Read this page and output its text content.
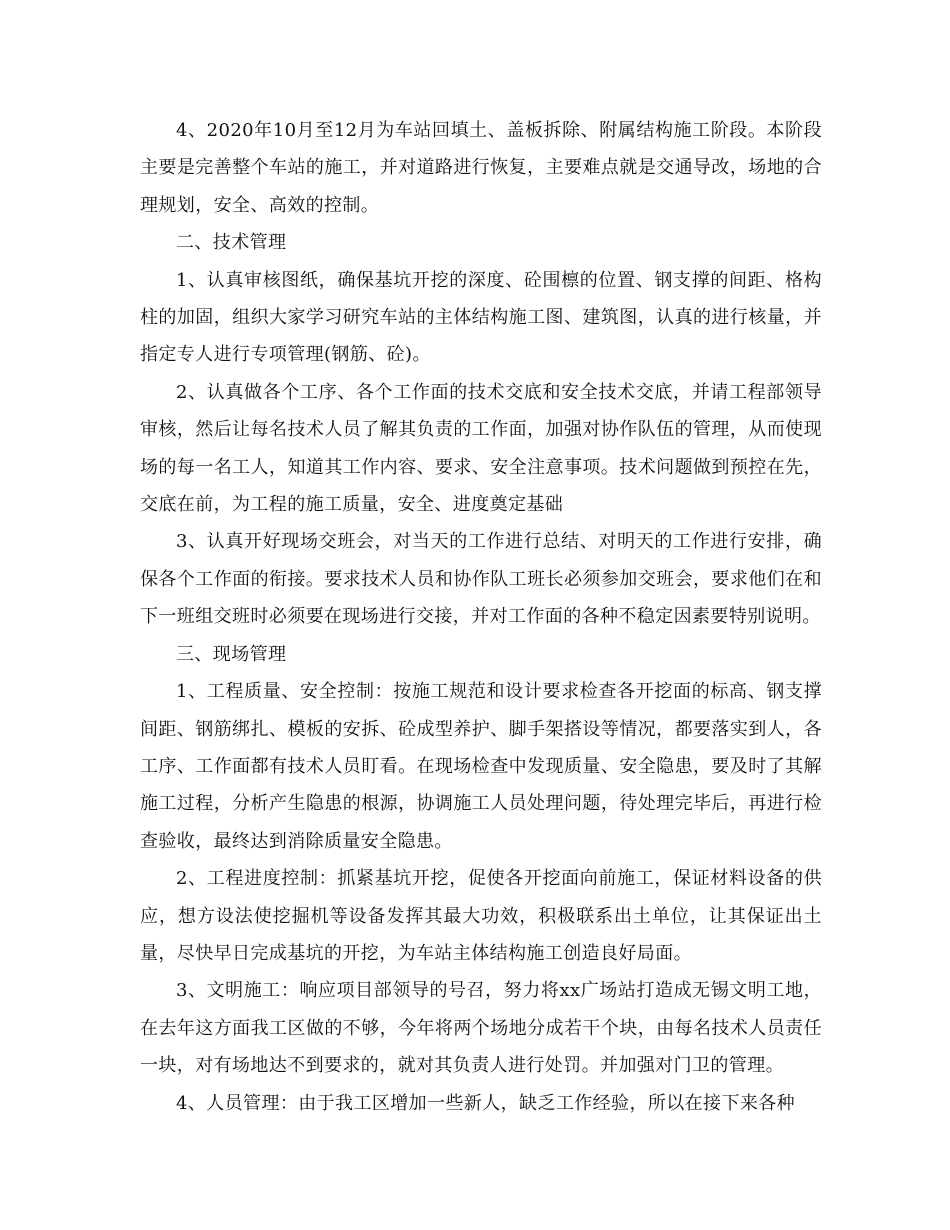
4、2020年10月至12月为车站回填土、盖板拆除、附属结构施工阶段。本阶段主要是完善整个车站的施工，并对道路进行恢复，主要难点就是交通导改，场地的合理规划，安全、高效的控制。

二、技术管理

1、认真审核图纸，确保基坑开挖的深度、砼围檩的位置、钢支撑的间距、格构柱的加固，组织大家学习研究车站的主体结构施工图、建筑图，认真的进行核量，并指定专人进行专项管理(钢筋、砼)。

2、认真做各个工序、各个工作面的技术交底和安全技术交底，并请工程部领导审核，然后让每名技术人员了解其负责的工作面，加强对协作队伍的管理，从而使现场的每一名工人，知道其工作内容、要求、安全注意事项。技术问题做到预控在先，交底在前，为工程的施工质量，安全、进度奠定基础

3、认真开好现场交班会，对当天的工作进行总结、对明天的工作进行安排，确保各个工作面的衔接。要求技术人员和协作队工班长必须参加交班会，要求他们在和下一班组交班时必须要在现场进行交接，并对工作面的各种不稳定因素要特别说明。

三、现场管理

1、工程质量、安全控制：按施工规范和设计要求检查各开挖面的标高、钢支撑间距、钢筋绑扎、模板的安拆、砼成型养护、脚手架搭设等情况，都要落实到人，各工序、工作面都有技术人员盯看。在现场检查中发现质量、安全隐患，要及时了其解施工过程，分析产生隐患的根源，协调施工人员处理问题，待处理完毕后，再进行检查验收，最终达到消除质量安全隐患。

2、工程进度控制：抓紧基坑开挖，促使各开挖面向前施工，保证材料设备的供应，想方设法使挖掘机等设备发挥其最大功效，积极联系出土单位，让其保证出土量，尽快早日完成基坑的开挖，为车站主体结构施工创造良好局面。

3、文明施工：响应项目部领导的号召，努力将xx广场站打造成无锡文明工地，在去年这方面我工区做的不够，今年将两个场地分成若干个块，由每名技术人员责任一块，对有场地达不到要求的，就对其负责人进行处罚。并加强对门卫的管理。

4、人员管理：由于我工区增加一些新人，缺乏工作经验，所以在接下来各种
